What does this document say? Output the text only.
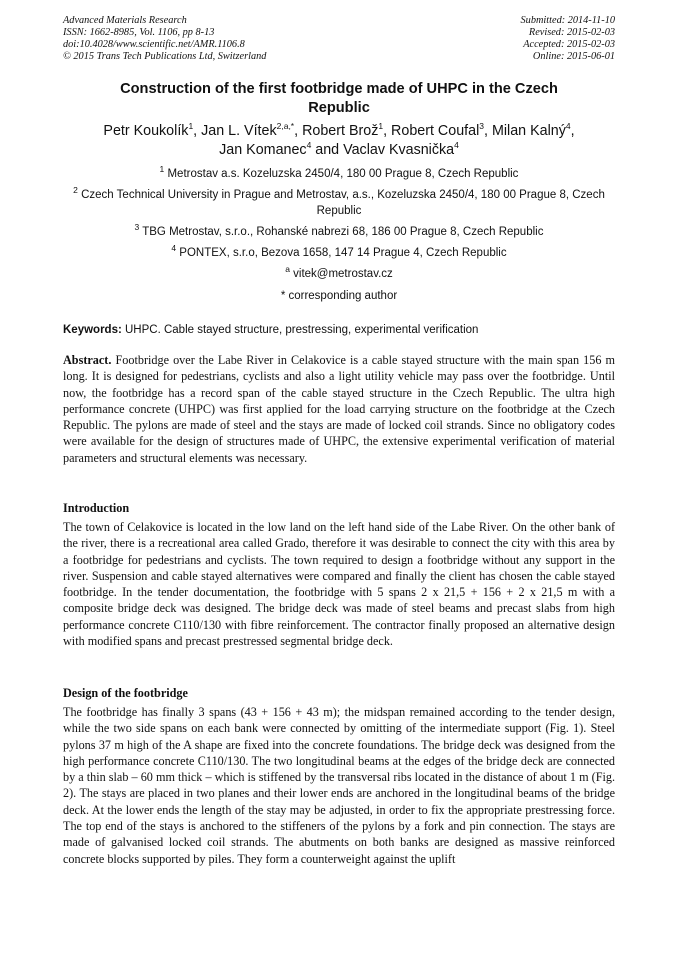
Advanced Materials Research
ISSN: 1662-8985, Vol. 1106, pp 8-13
doi:10.4028/www.scientific.net/AMR.1106.8
© 2015 Trans Tech Publications Ltd, Switzerland
Submitted: 2014-11-10
Revised: 2015-02-03
Accepted: 2015-02-03
Online: 2015-06-01
Construction of the first footbridge made of UHPC in the Czech
Republic
Petr Koukolík$^1$, Jan L. Vítek$^{2,a,*}$, Robert Brož$^1$, Robert Coufal$^3$, Milan Kalný$^4$,
Jan Komanec$^4$ and Vaclav Kvasnička$^4$
$^1$ Metrostav a.s. Kozeluzska 2450/4, 180 00 Prague 8, Czech Republic
$^2$ Czech Technical University in Prague and Metrostav, a.s., Kozeluzska 2450/4, 180 00 Prague 8, Czech Republic
$^3$ TBG Metrostav, s.r.o., Rohanské nabrezi 68, 186 00 Prague 8, Czech Republic
$^4$ PONTEX, s.r.o, Bezova 1658, 147 14 Prague 4, Czech Republic
$^a$ vitek@metrostav.cz
* corresponding author
Keywords: UHPC. Cable stayed structure, prestressing, experimental verification
Abstract. Footbridge over the Labe River in Celakovice is a cable stayed structure with the main span 156 m long. It is designed for pedestrians, cyclists and also a light utility vehicle may pass over the footbridge. Until now, the footbridge has a record span of the cable stayed structure in the Czech Republic. The ultra high performance concrete (UHPC) was first applied for the load carrying structure on the footbridge at the Czech Republic. The pylons are made of steel and the stays are made of locked coil strands. Since no obligatory codes were available for the design of structures made of UHPC, the extensive experimental verification of material parameters and structural elements was necessary.
Introduction
The town of Celakovice is located in the low land on the left hand side of the Labe River. On the other bank of the river, there is a recreational area called Grado, therefore it was desirable to connect the city with this area by a footbridge for pedestrians and cyclists. The town required to design a footbridge without any support in the river. Suspension and cable stayed alternatives were compared and finally the client has chosen the cable stayed footbridge. In the tender documentation, the footbridge with 5 spans 2 x 21,5 + 156 + 2 x 21,5 m with a composite bridge deck was designed. The bridge deck was made of steel beams and precast slabs from high performance concrete C110/130 with fibre reinforcement. The contractor finally proposed an alternative design with modified spans and precast prestressed segmental bridge deck.
Design of the footbridge
The footbridge has finally 3 spans (43 + 156 + 43 m); the midspan remained according to the tender design, while the two side spans on each bank were connected by omitting of the intermediate support (Fig. 1). Steel pylons 37 m high of the A shape are fixed into the concrete foundations. The bridge deck was designed from the high performance concrete C110/130. The two longitudinal beams at the edges of the bridge deck are connected by a thin slab – 60 mm thick – which is stiffened by the transversal ribs located in the distance of about 1 m (Fig. 2). The stays are placed in two planes and their lower ends are anchored in the longitudinal beams of the bridge deck. At the lower ends the length of the stay may be adjusted, in order to fix the appropriate prestressing force. The top end of the stays is anchored to the stiffeners of the pylons by a fork and pin connection. The stays are made of galvanised locked coil strands. The abutments on both banks are designed as massive reinforced concrete blocks supported by piles. They form a counterweight against the uplift
